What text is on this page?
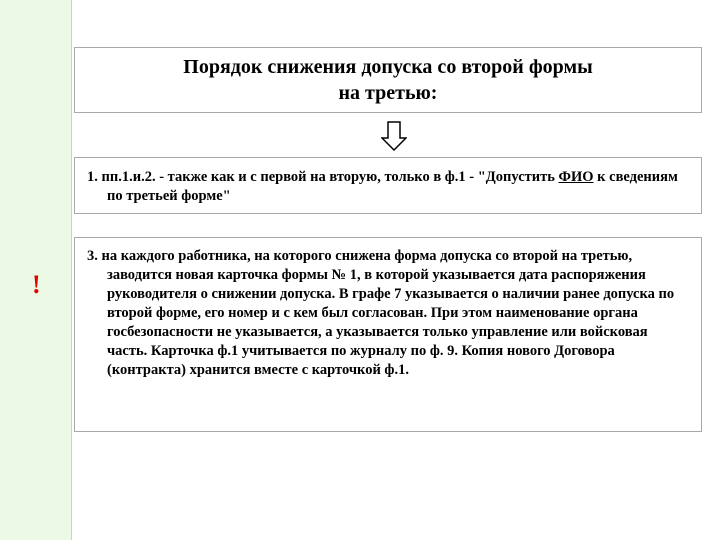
Порядок снижения допуска со второй формы на третью:

1. пп.1.и.2. - также как и с первой на вторую, только в ф.1 - "Допустить ФИО к сведениям по третьей форме"

!

3. на каждого работника, на которого снижена форма допуска со второй на третью, заводится новая карточка формы № 1, в которой указывается дата распоряжения руководителя о снижении допуска. В графе 7 указывается о наличии ранее допуска по второй форме, его номер и с кем был согласован. При этом наименование органа госбезопасности не указывается, а указывается только управление или войсковая часть. Карточка ф.1 учитывается по журналу по ф. 9. Копия нового Договора (контракта) хранится вместе с карточкой ф.1.
